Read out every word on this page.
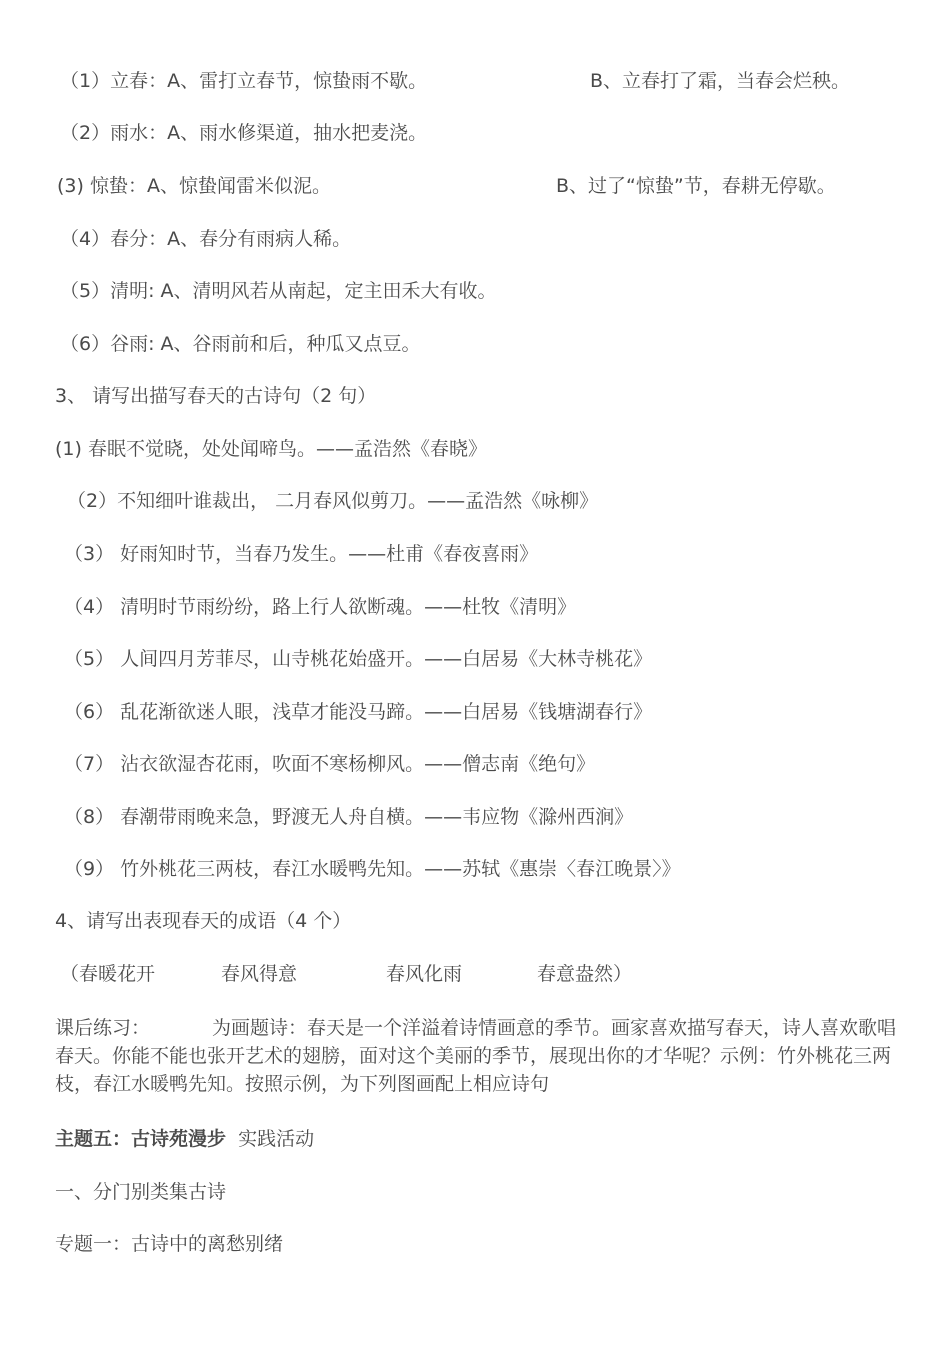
（1）立春：A、雷打立春节，惊蛰雨不歇。	B、立春打了霜，当春会烂秧。
（2）雨水：A、雨水修渠道，抽水把麦浇。
(3) 惊蛰：A、惊蛰闻雷米似泥。	B、过了“惊蛰”节，春耕无停歇。
（4）春分：A、春分有雨病人稀。
（5）清明: A、清明风若从南起，定主田禾大有收。
（6）谷雨: A、谷雨前和后，种瓜又点豆。
3、 请写出描写春天的古诗句（2 句）
(1) 春眠不觉晓，处处闻啼鸟。——孟浩然《春晓》
（2）不知细叶谁裁出， 二月春风似剪刀。——孟浩然《咏柳》
（3） 好雨知时节，当春乃发生。——杜甫《春夜喜雨》
（4） 清明时节雨纷纷，路上行人欲断魂。——杜牧《清明》
（5） 人间四月芳菲尽，山寺桃花始盛开。——白居易《大林寺桃花》
（6） 乱花渐欲迷人眼，浅草才能没马蹄。——白居易《钱塘湖春行》
（7） 沾衣欲湿杏花雨，吹面不寒杨柳风。——僧志南《绝句》
（8） 春潮带雨晚来急，野渡无人舟自横。——韦应物《滁州西涧》
（9） 竹外桃花三两枝，春江水暖鸭先知。——苏轼《惠崇〈春江晚景〉》
4、请写出表现春天的成语（4 个）
（春暖花开	春风得意	春风化雨	春意盎然）
课后练习：	为画题诗：春天是一个洋溢着诗情画意的季节。画家喜欢描写春天，诗人喜欢歌唱春天。你能不能也张开艺术的翅膀，面对这个美丽的季节，展现出你的才华呢？示例：竹外桃花三两枝，春江水暖鸭先知。按照示例，为下列图画配上相应诗句
主题五：古诗苑漫步 实践活动
一、分门别类集古诗
专题一：古诗中的离愁别绪
